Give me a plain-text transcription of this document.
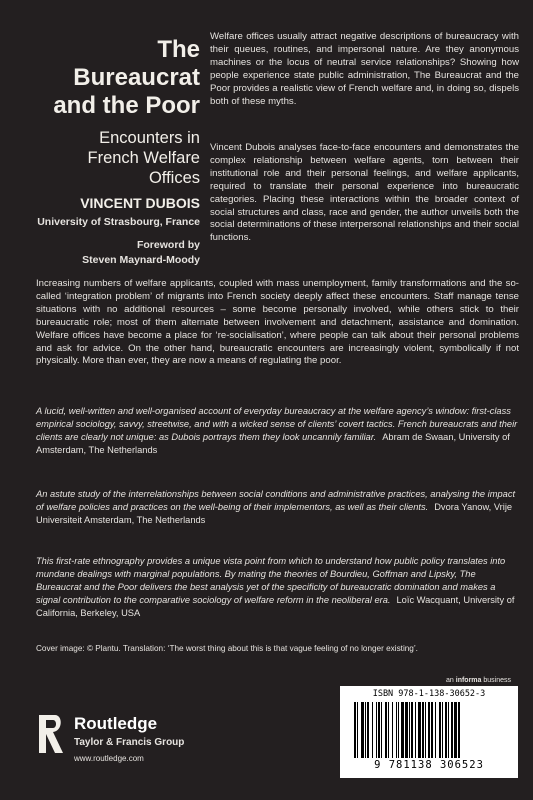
The
Bureaucrat
and the Poor
Encounters in
French Welfare
Offices
VINCENT DUBOIS
University of Strasbourg, France
Foreword by
Steven Maynard-Moody
Welfare offices usually attract negative descriptions of bureaucracy with their queues, routines, and impersonal nature. Are they anonymous machines or the locus of neutral service relationships? Showing how people experience state public administration, The Bureaucrat and the Poor provides a realistic view of French welfare and, in doing so, dispels both of these myths.
Vincent Dubois analyses face-to-face encounters and demonstrates the complex relationship between welfare agents, torn between their institutional role and their personal feelings, and welfare applicants, required to translate their personal experience into bureaucratic categories. Placing these interactions within the broader context of social structures and class, race and gender, the author unveils both the social determinations of these interpersonal relationships and their social functions.
Increasing numbers of welfare applicants, coupled with mass unemployment, family transformations and the so-called ‘integration problem’ of migrants into French society deeply affect these encounters. Staff manage tense situations with no additional resources – some become personally involved, while others stick to their bureaucratic role; most of them alternate between involvement and detachment, assistance and domination. Welfare offices have become a place for ‘re-socialisation’, where people can talk about their personal problems and ask for advice. On the other hand, bureaucratic encounters are increasingly violent, symbolically if not physically. More than ever, they are now a means of regulating the poor.
A lucid, well-written and well-organised account of everyday bureaucracy at the welfare agency’s window: first-class empirical sociology, savvy, streetwise, and with a wicked sense of clients’ covert tactics. French bureaucrats and their clients are clearly not unique: as Dubois portrays them they look uncannily familiar. Abram de Swaan, University of Amsterdam, The Netherlands
An astute study of the interrelationships between social conditions and administrative practices, analysing the impact of welfare policies and practices on the well-being of their implementors, as well as their clients. Dvora Yanow, Vrije Universiteit Amsterdam, The Netherlands
This first-rate ethnography provides a unique vista point from which to understand how public policy translates into mundane dealings with marginal populations. By mating the theories of Bourdieu, Goffman and Lipsky, The Bureaucrat and the Poor delivers the best analysis yet of the specificity of bureaucratic domination and makes a signal contribution to the comparative sociology of welfare reform in the neoliberal era. Loïc Wacquant, University of California, Berkeley, USA
Cover image: © Plantu. Translation: ‘The worst thing about this is that vague feeling of no longer existing’.
an informa business
ISBN 978-1-138-30652-3
9 781138 306523
Routledge
Taylor & Francis Group
www.routledge.com
